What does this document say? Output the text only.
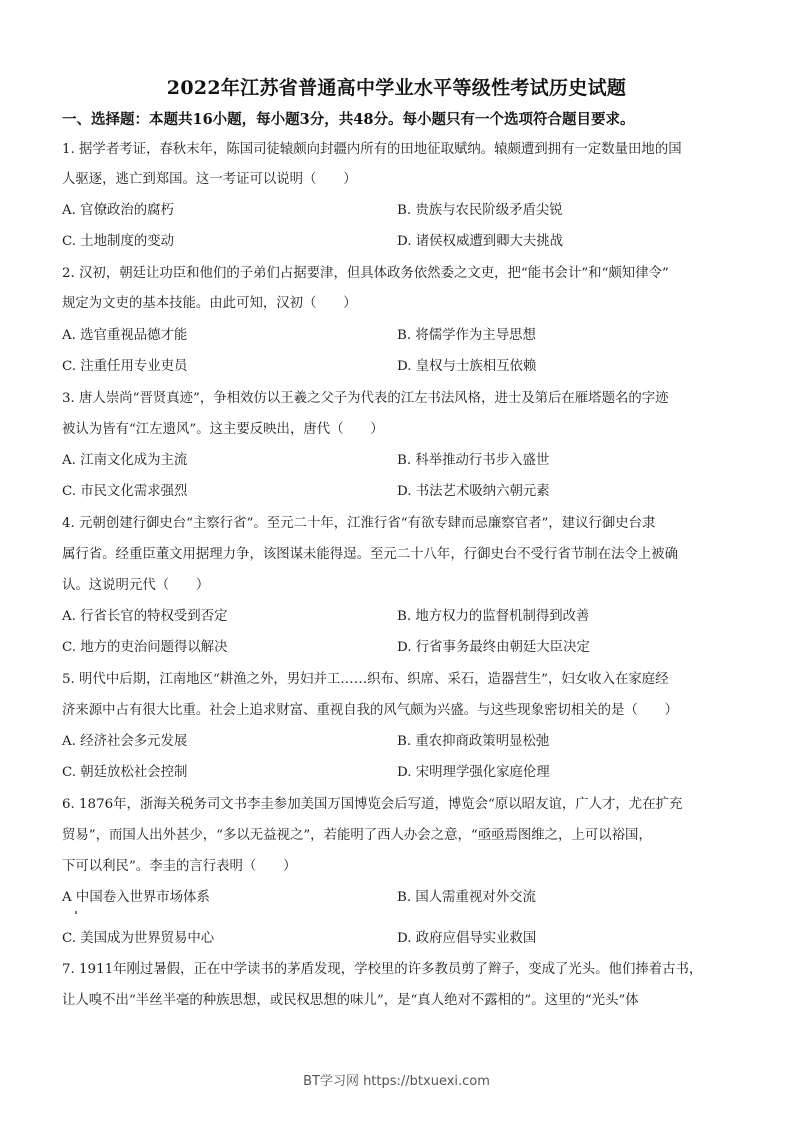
2022年江苏省普通高中学业水平等级性考试历史试题
一、选择题：本题共16小题，每小题3分，共48分。每小题只有一个选项符合题目要求。
1. 据学者考证，春秋末年，陈国司徒辕颇向封疆内所有的田地征取赋纳。辕颇遭到拥有一定数量田地的国
人驱逐，逃亡到郑国。这一考证可以说明（　　）
A. 官僚政治的腐朽	B. 贵族与农民阶级矛盾尖锐
C. 土地制度的变动	D. 诸侯权威遭到卿大夫挑战
2. 汉初，朝廷让功臣和他们的子弟们占据要津，但具体政务依然委之文吏，把“能书会计”和“颇知律令”
规定为文吏的基本技能。由此可知，汉初（　　）
A. 选官重视品德才能	B. 将儒学作为主导思想
C. 注重任用专业吏员	D. 皇权与士族相互依赖
3. 唐人崇尚“晋贤真迹”，争相效仿以王羲之父子为代表的江左书法风格，进士及第后在雁塔题名的字迹
被认为皆有“江左遗风”。这主要反映出，唐代（　　）
A. 江南文化成为主流	B. 科举推动行书步入盛世
C. 市民文化需求强烈	D. 书法艺术吸纳六朝元素
4. 元朝创建行御史台“主察行省”。至元二十年，江淮行省“有欲专肆而忌廉察官者”，建议行御史台隶
属行省。经重臣董文用据理力争，该图谋未能得逞。至元二十八年，行御史台不受行省节制在法令上被确
认。这说明元代（　　）
A. 行省长官的特权受到否定	B. 地方权力的监督机制得到改善
C. 地方的吏治问题得以解决	D. 行省事务最终由朝廷大臣决定
5. 明代中后期，江南地区“耕渔之外，男妇并工……织布、织席、采石，造器营生”，妇女收入在家庭经
济来源中占有很大比重。社会上追求财富、重视自我的风气颇为兴盛。与这些现象密切相关的是（　　）
A. 经济社会多元发展	B. 重农抑商政策明显松弛
C. 朝廷放松社会控制	D. 宋明理学强化家庭伦理
6. 1876年，浙海关税务司文书李圭参加美国万国博览会后写道，博览会“原以昭友谊，广人才，尤在扩充
贸易”，而国人出外甚少，“多以无益视之”，若能明了西人办会之意，“亟亟焉图维之，上可以裕国，
下可以利民”。李圭的言行表明（　　）
A 中国卷入世界市场体系	B. 国人需重视对外交流
C. 美国成为世界贸易中心	D. 政府应倡导实业救国
7. 1911年刚过暑假，正在中学读书的茅盾发现，学校里的许多教员剪了辫子，变成了光头。他们捧着古书，
让人嗅不出“半丝半毫的种族思想，或民权思想的味儿”，是“真人绝对不露相的”。这里的“光头”体
BT学习网 https://btxuexi.com
